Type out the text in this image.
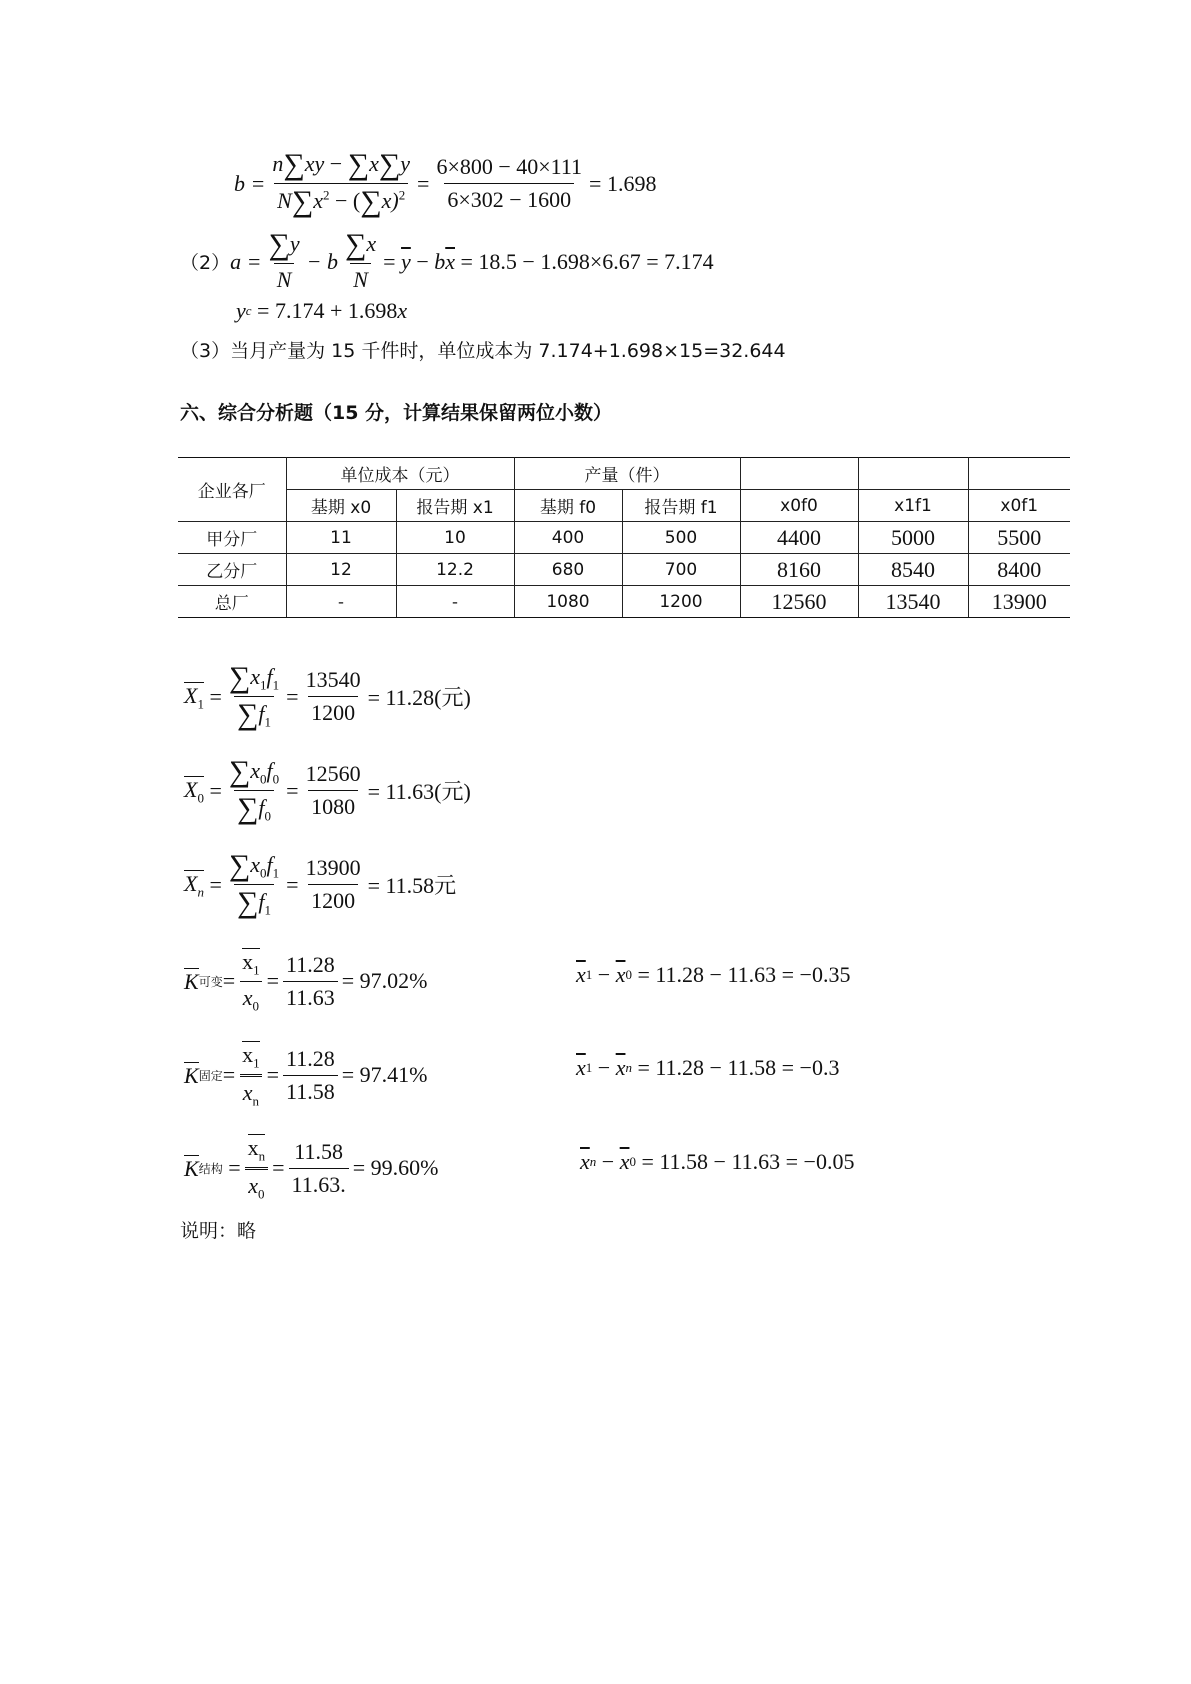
$b = \frac{n\sum xy - \sum x\sum y}{N\sum x^2 - (\sum x)^2} = \frac{6\times 800 - 40\times 111}{6\times 302 - 1600} = 1.698$
（2） $a = \frac{\sum y}{N} - b \frac{\sum x}{N}$ =
$\overline{y}$
−
b $\overline{x}$
= 18.5 − 1.698×6.67 = 7.174
y c
= 7.174 + 1.698 x
（3）当月产量为 15 千件时，单位成本为 7.174+1.698×15=32.644
六、综合分析题（15 分，计算结果保留两位小数）
企业各厂	单位成本（元）		产量（件）				
	基期 x0	报告期 x1	基期 f0	报告期 f1	x0f0	x1f1	x0f1
甲分厂	11	10	400	500	4400	5000	5500
乙分厂	12	12.2	680	700	8160	8540	8400
总厂	-	-	1080	1200	12560	13540	13900
$X_1$
= $\frac{\sum x_1f_1}{\sum f_1} = \frac{13540}{1200} = 11.28$(元)
$X_0$
= $\frac{\sum x_0f_0}{\sum f_0} = \frac{12560}{1080} = 11.63$(元)
$X_n$
= $\frac{\sum x_0f_1}{\sum f_1} = \frac{13900}{1200} = 11.58$元
K 可变 = $\frac{x_1}{x_0} = \frac{11.28}{11.63} = 97.02\%$	$\overline{x}$ 1
−
$\overline{x}$ 0
= 11.28 − 11.63 = −0.35
K 固定 = $\frac{x_1}{x_n} = \frac{11.28}{11.58} = 97.41\%$	$\overline{x}$ 1
−
$\overline{x}$ n
= 11.28 − 11.58 = −0.3
K 结构
= $\frac{x_n}{x_0} = \frac{11.58}{11.63.} = 99.60\%$	$\overline{x}$ n
−
$\overline{x}$ 0
= 11.58 − 11.63 = −0.05
说明：略
